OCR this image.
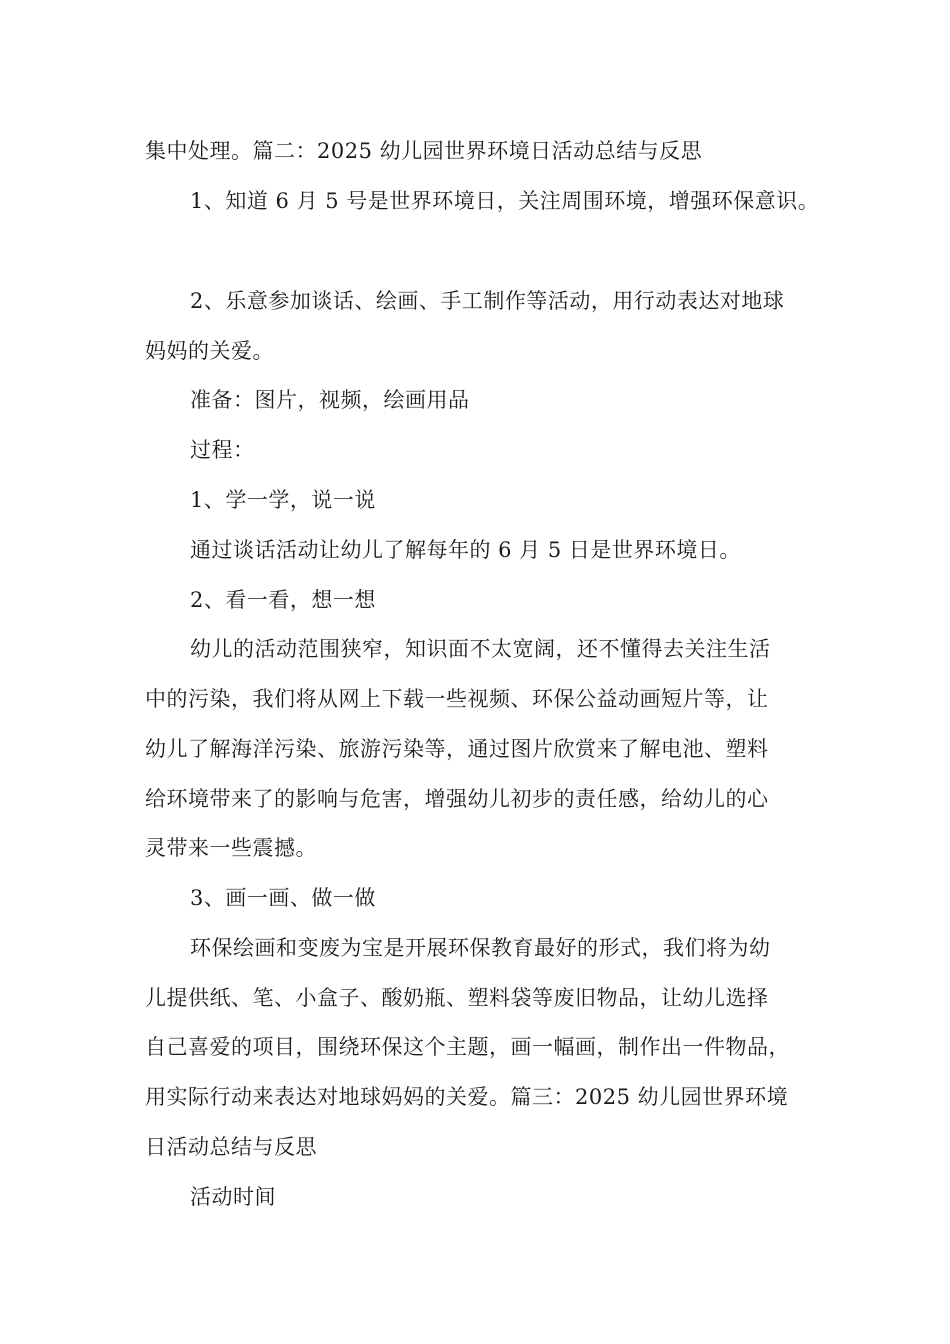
集中处理。篇二：2025 幼儿园世界环境日活动总结与反思
1、知道 6 月 5 号是世界环境日，关注周围环境，增强环保意识。
2、乐意参加谈话、绘画、手工制作等活动，用行动表达对地球
妈妈的关爱。
准备：图片，视频，绘画用品
过程：
1、学一学，说一说
通过谈话活动让幼儿了解每年的 6 月 5 日是世界环境日。
2、看一看，想一想
幼儿的活动范围狭窄，知识面不太宽阔，还不懂得去关注生活
中的污染，我们将从网上下载一些视频、环保公益动画短片等，让
幼儿了解海洋污染、旅游污染等，通过图片欣赏来了解电池、塑料
给环境带来了的影响与危害，增强幼儿初步的责任感，给幼儿的心
灵带来一些震撼。
3、画一画、做一做
环保绘画和变废为宝是开展环保教育最好的形式，我们将为幼
儿提供纸、笔、小盒子、酸奶瓶、塑料袋等废旧物品，让幼儿选择
自己喜爱的项目，围绕环保这个主题，画一幅画，制作出一件物品，
用实际行动来表达对地球妈妈的关爱。篇三：2025 幼儿园世界环境
日活动总结与反思
活动时间
